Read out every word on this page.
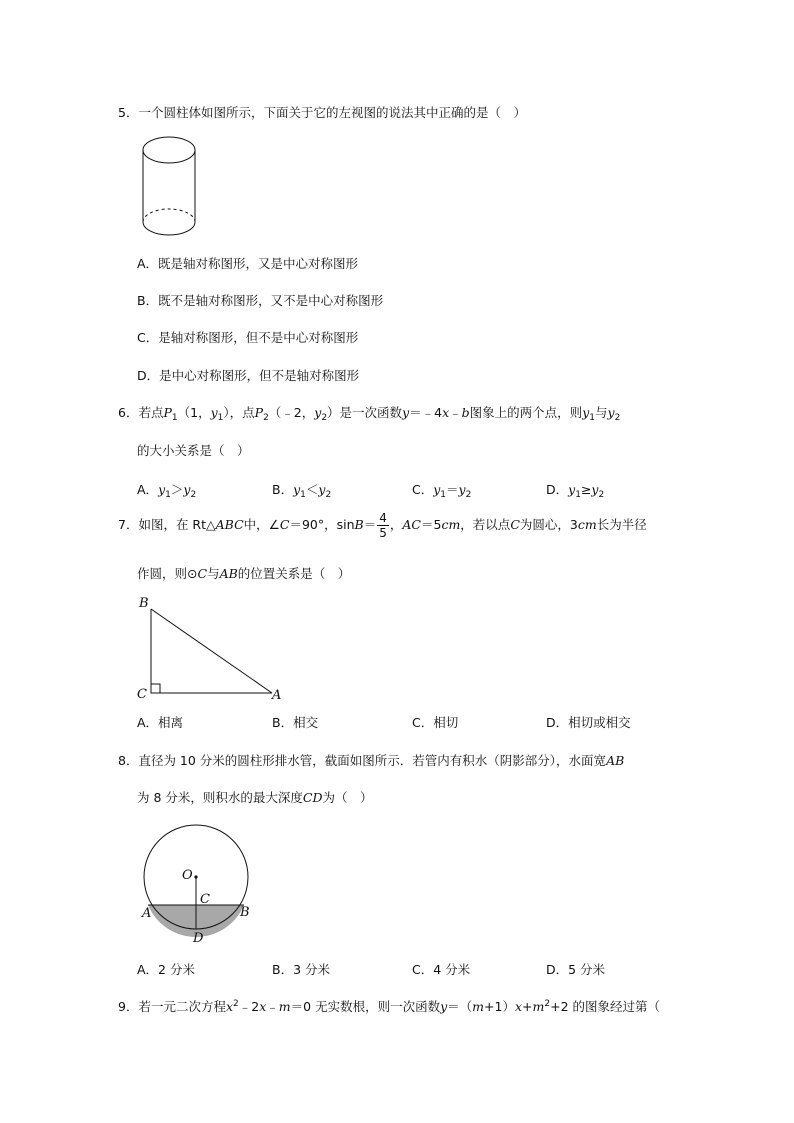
5．一个圆柱体如图所示，下面关于它的左视图的说法其中正确的是（　）
A．既是轴对称图形，又是中心对称图形
B．既不是轴对称图形，又不是中心对称图形
C．是轴对称图形，但不是中心对称图形
D．是中心对称图形，但不是轴对称图形
6．若点$P_1(1$，$y_1$），点$P_2(﹣2$，$y_2$）是一次函数y＝﹣4x﹣b图象上的两个点，则$y_1$与$y_2$
的大小关系是（　）
A．$y_1>y_2$	B．$y_1<y_2$	C．$y_1=y_2$	D．$y_1\ge y_2$
7．如图，在 Rt△ABC中，∠C＝90°，$\sin B= \frac{4}{5}$ ，AC＝5cm，若以点C为圆心，3cm长为半径
作圆，则⊙C与AB的位置关系是（　）
B
C	A
A．相离	B．相交	C．相切	D．相切或相交
8．直径为 10 分米的圆柱形排水管，截面如图所示．若管内有积水（阴影部分），水面宽AB
为 8 分米，则积水的最大深度CD为（　）
O
C
A	B
D
A．2 分米	B．3 分米	C．4 分米	D．5 分米
9．若一元二次方程$x^2﹣2x﹣m=0$ 无实数根，则一次函数$y=(m+1)x+m^2+2$ 的图象经过第（
